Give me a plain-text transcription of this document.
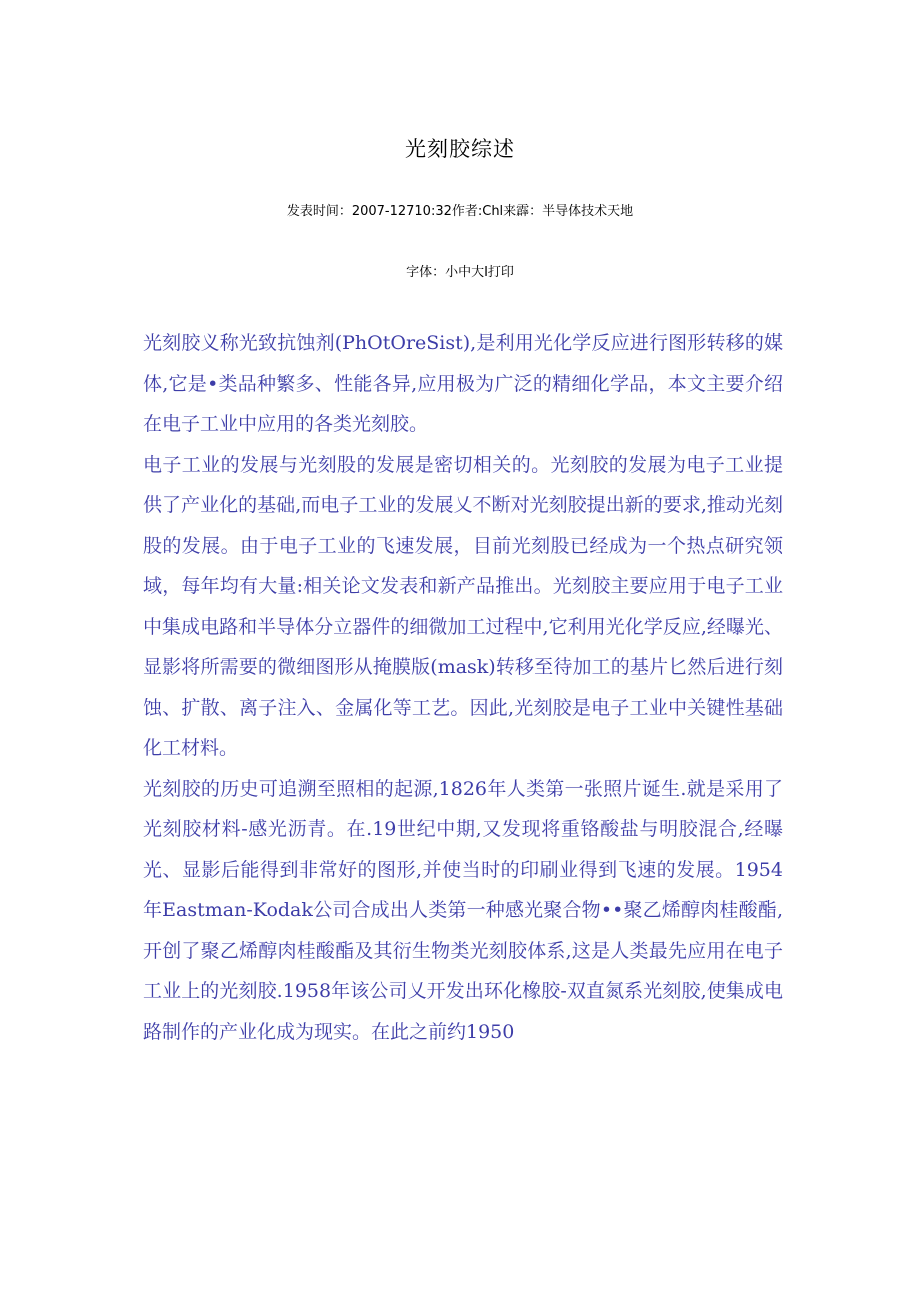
光刻胶综述
发表时间：2007-12710:32作者:Chl来霹：半导体技术天地
字体：小中大I打印

光刻胶义称光致抗蚀剂(PhOtOreSist),是利用光化学反应进行图形转移的媒体,它是•类品种繁多、性能各异,应用极为广泛的精细化学品，本文主要介绍在电子工业中应用的各类光刻胶。

电子工业的发展与光刻股的发展是密切相关的。光刻胶的发展为电子工业提供了产业化的基础,而电子工业的发展乂不断对光刻胶提出新的要求,推动光刻股的发展。由于电子工业的飞速发展，目前光刻股已经成为一个热点研究领域，每年均有大量:相关论文发表和新产品推出。光刻胶主要应用于电子工业中集成电路和半导体分立器件的细微加工过程中,它利用光化学反应,经曝光、显影将所需要的微细图形从掩膜版(mask)转移至待加工的基片匕然后进行刻蚀、扩散、离子注入、金属化等工艺。因此,光刻胶是电子工业中关键性基础化工材料。

光刻胶的历史可追溯至照相的起源,1826年人类第一张照片诞生.就是采用了光刻胶材料-感光沥青。在.19世纪中期,又发现将重铬酸盐与明胶混合,经曝光、显影后能得到非常好的图形,并使当时的印刷业得到飞速的发展。1954年Eastman-Kodak公司合成出人类第一种感光聚合物••聚乙烯醇肉桂酸酯,开创了聚乙烯醇肉桂酸酯及其衍生物类光刻胶体系,这是人类最先应用在电子工业上的光刻胶.1958年该公司乂开发出环化橡胶-双直氮系光刻胶,使集成电路制作的产业化成为现实。在此之前约1950
